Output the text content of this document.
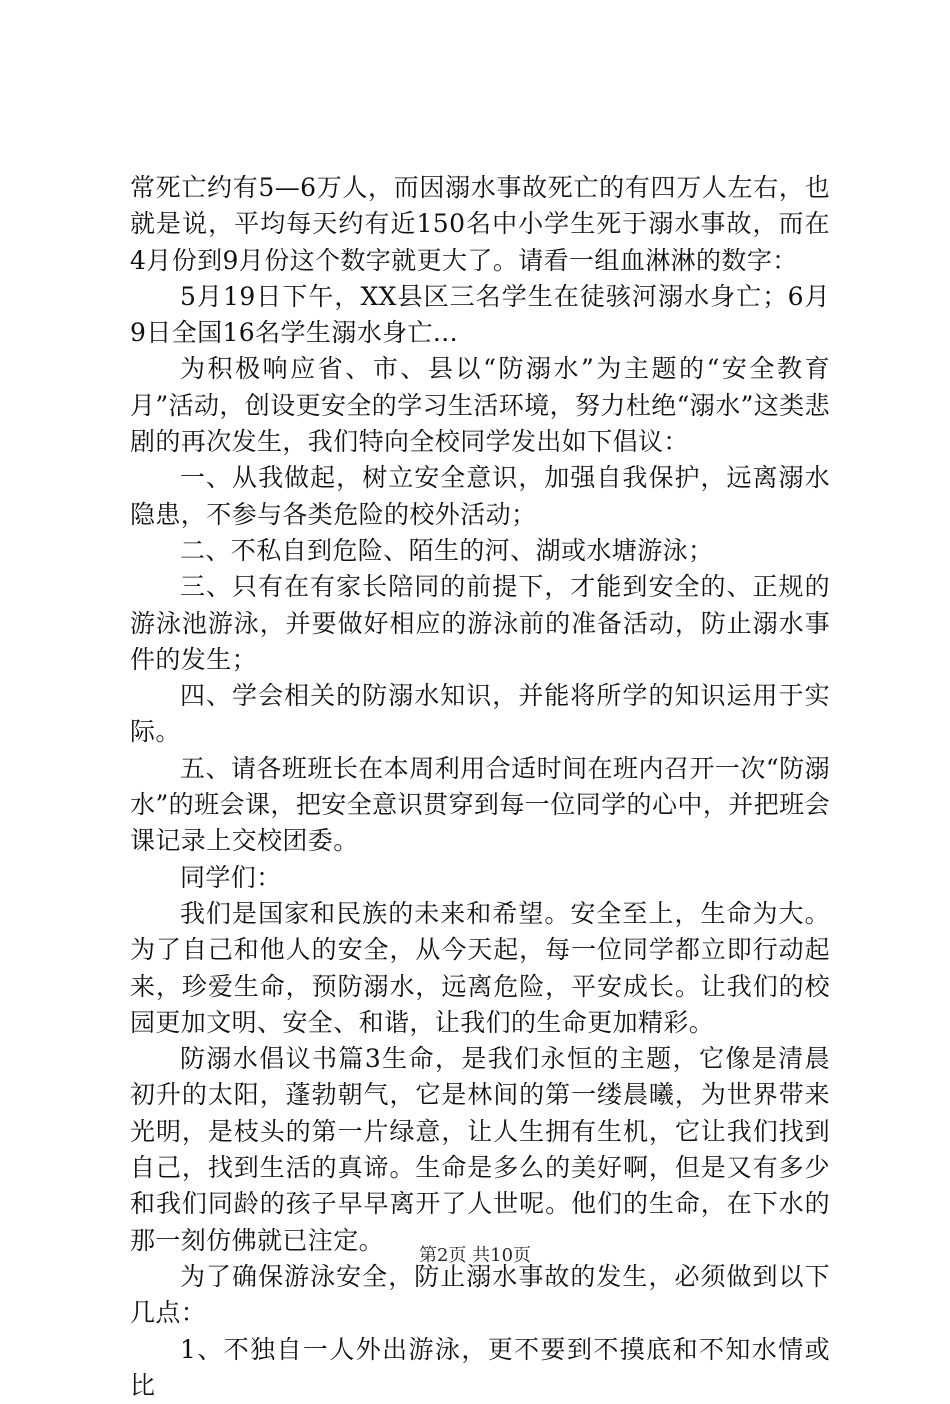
常死亡约有5—6万人，而因溺水事故死亡的有四万人左右，也就是说，平均每天约有近150名中小学生死于溺水事故，而在4月份到9月份这个数字就更大了。请看一组血淋淋的数字：

5月19日下午，XX县区三名学生在徒骇河溺水身亡；6月9日全国16名学生溺水身亡...

为积极响应省、市、县以“防溺水”为主题的“安全教育月”活动，创设更安全的学习生活环境，努力杜绝“溺水”这类悲剧的再次发生，我们特向全校同学发出如下倡议：

一、从我做起，树立安全意识，加强自我保护，远离溺水隐患，不参与各类危险的校外活动；

二、不私自到危险、陌生的河、湖或水塘游泳；

三、只有在有家长陪同的前提下，才能到安全的、正规的游泳池游泳，并要做好相应的游泳前的准备活动，防止溺水事件的发生；

四、学会相关的防溺水知识，并能将所学的知识运用于实际。

五、请各班班长在本周利用合适时间在班内召开一次“防溺水”的班会课，把安全意识贯穿到每一位同学的心中，并把班会课记录上交校团委。

同学们：

我们是国家和民族的未来和希望。安全至上，生命为大。为了自己和他人的安全，从今天起，每一位同学都立即行动起来，珍爱生命，预防溺水，远离危险，平安成长。让我们的校园更加文明、安全、和谐，让我们的生命更加精彩。

防溺水倡议书篇3生命，是我们永恒的主题，它像是清晨初升的太阳，蓬勃朝气，它是林间的第一缕晨曦，为世界带来光明，是枝头的第一片绿意，让人生拥有生机，它让我们找到自己，找到生活的真谛。生命是多么的美好啊，但是又有多少和我们同龄的孩子早早离开了人世呢。他们的生命，在下水的那一刻仿佛就已注定。

为了确保游泳安全，防止溺水事故的发生，必须做到以下几点：

1、不独自一人外出游泳，更不要到不摸底和不知水情或比

第2页 共10页
